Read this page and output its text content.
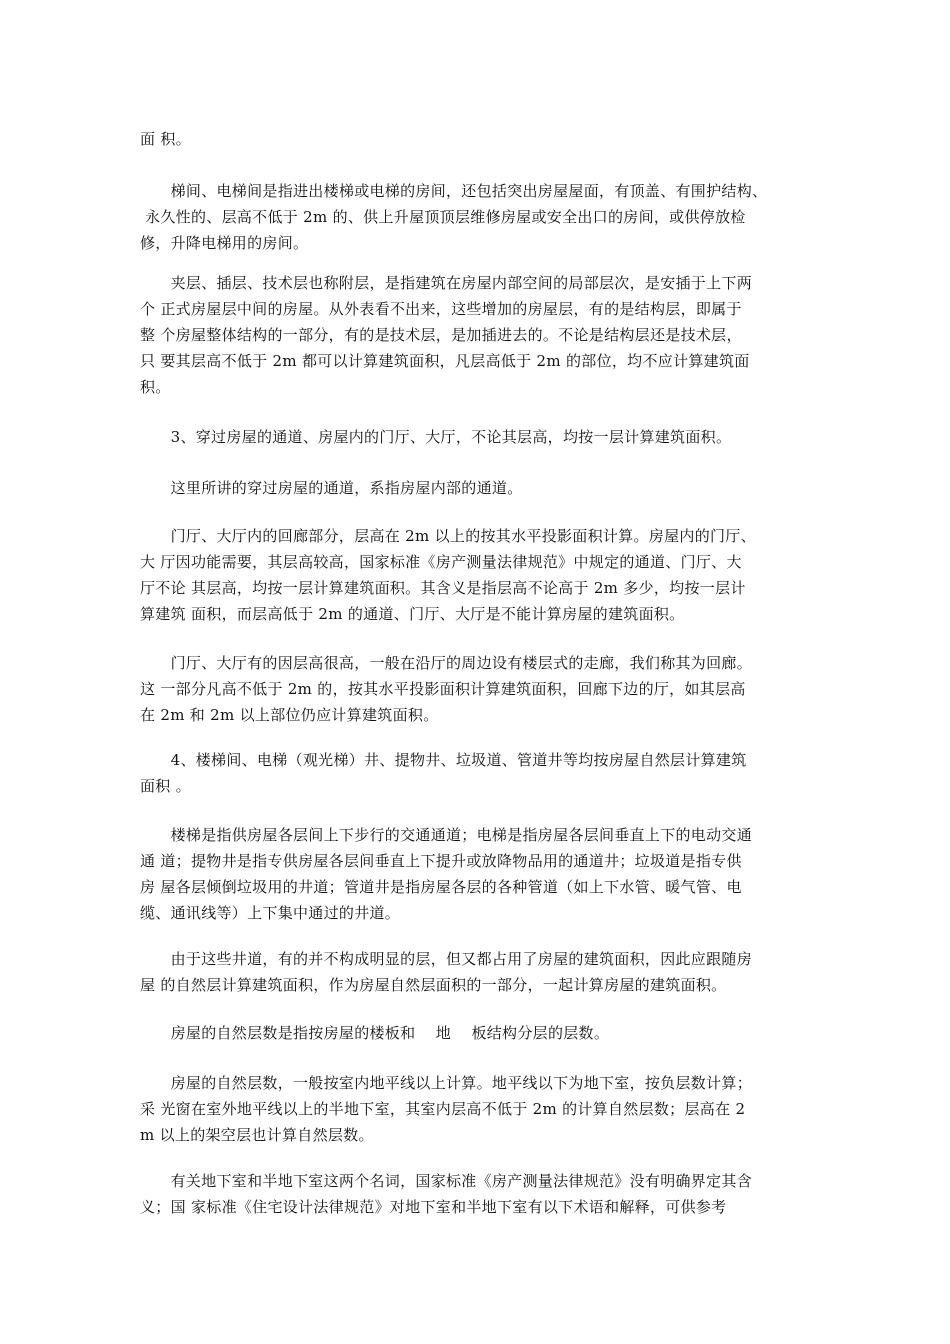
面 积。
　　梯间、电梯间是指进出楼梯或电梯的房间，还包括突出房屋屋面，有顶盖、有围护结构、
永久性的、层高不低于 2m 的、供上升屋顶顶层维修房屋或安全出口的房间，或供停放检
修，升降电梯用的房间。
　　夹层、插层、技术层也称附层，是指建筑在房屋内部空间的局部层次，是安插于上下两
个 正式房屋层中间的房屋。从外表看不出来，这些增加的房屋层，有的是结构层，即属于
整 个房屋整体结构的一部分，有的是技术层，是加插进去的。不论是结构层还是技术层，
只 要其层高不低于 2m 都可以计算建筑面积，凡层高低于 2m 的部位，均不应计算建筑面
积。
　　3、穿过房屋的通道、房屋内的门厅、大厅，不论其层高，均按一层计算建筑面积。
　　这里所讲的穿过房屋的通道，系指房屋内部的通道。
　　门厅、大厅内的回廊部分，层高在 2m 以上的按其水平投影面积计算。房屋内的门厅、
大 厅因功能需要，其层高较高，国家标准《房产测量法律规范》中规定的通道、门厅、大
厅不论 其层高，均按一层计算建筑面积。其含义是指层高不论高于 2m 多少，均按一层计
算建筑 面积，而层高低于 2m 的通道、门厅、大厅是不能计算房屋的建筑面积。
　　门厅、大厅有的因层高很高，一般在沿厅的周边设有楼层式的走廊，我们称其为回廊。
这 一部分凡高不低于 2m 的，按其水平投影面积计算建筑面积，回廊下边的厅，如其层高
在 2m 和 2m 以上部位仍应计算建筑面积。
　　4、楼梯间、电梯（观光梯）井、提物井、垃圾道、管道井等均按房屋自然层计算建筑
面积 。
　　楼梯是指供房屋各层间上下步行的交通通道；电梯是指房屋各层间垂直上下的电动交通
通 道；提物井是指专供房屋各层间垂直上下提升或放降物品用的通道井；垃圾道是指专供
房 屋各层倾倒垃圾用的井道；管道井是指房屋各层的各种管道（如上下水管、暖气管、电
缆、通讯线等）上下集中通过的井道。
　　由于这些井道，有的并不构成明显的层，但又都占用了房屋的建筑面积，因此应跟随房
屋 的自然层计算建筑面积，作为房屋自然层面积的一部分，一起计算房屋的建筑面积。
　　房屋的自然层数是指按房屋的楼板和　 地　 板结构分层的层数。
　　房屋的自然层数，一般按室内地平线以上计算。地平线以下为地下室，按负层数计算；
采 光窗在室外地平线以上的半地下室，其室内层高不低于 2m 的计算自然层数；层高在 2
m 以上的架空层也计算自然层数。
　　有关地下室和半地下室这两个名词，国家标准《房产测量法律规范》没有明确界定其含
义；国 家标准《住宅设计法律规范》对地下室和半地下室有以下术语和解释，可供参考
